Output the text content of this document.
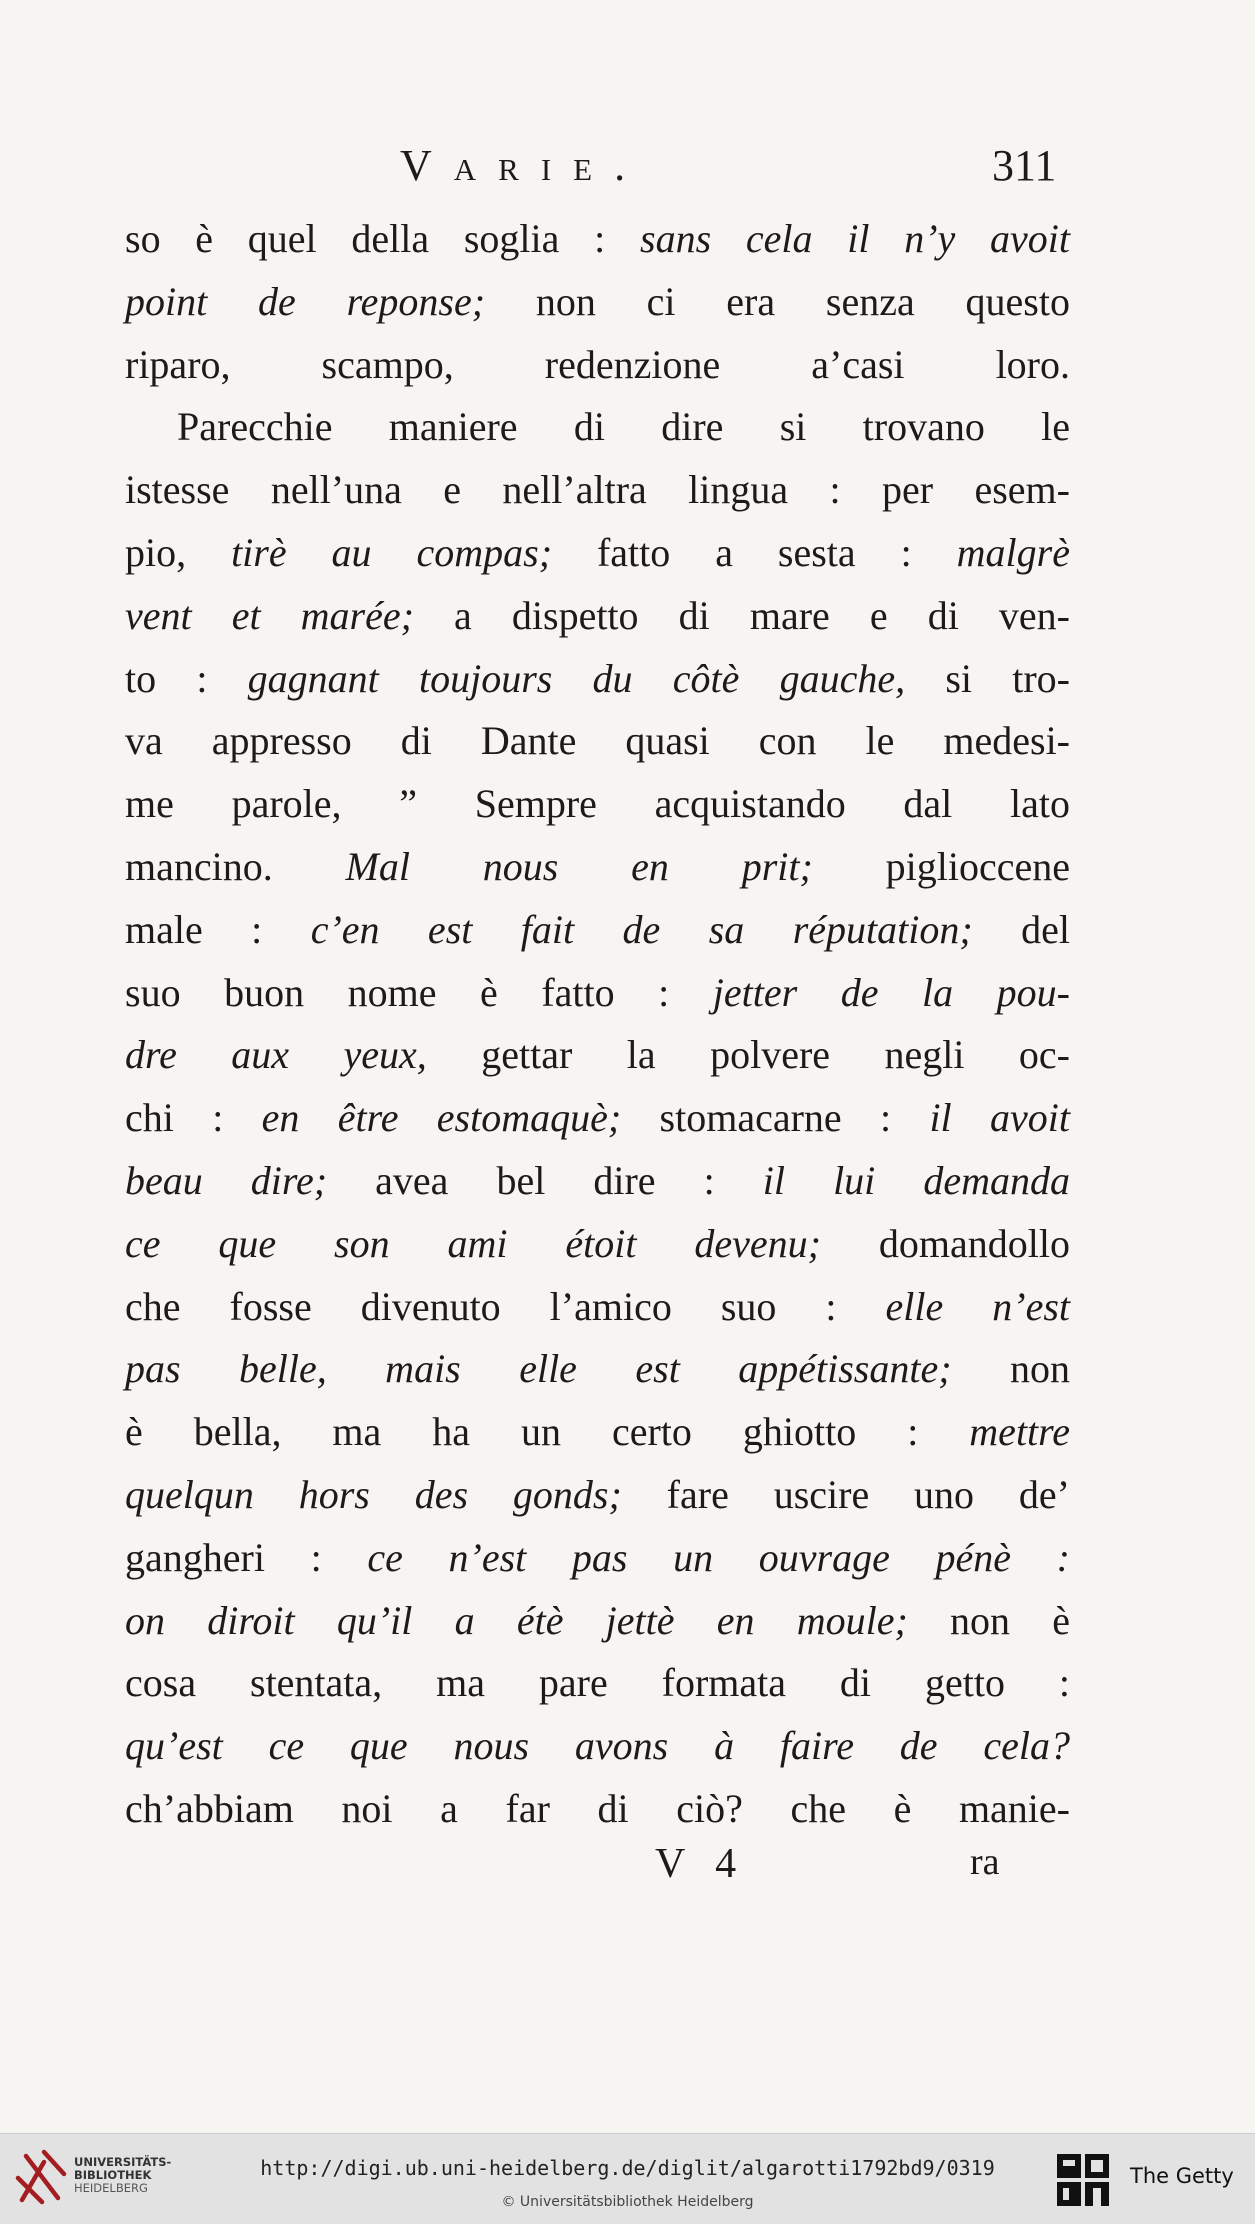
Varie.	311
so è quel della soglia : sans cela il n’y avoit
point de reponse; non ci era senza questo
riparo, scampo, redenzione a’casi loro.
Parecchie maniere di dire si trovano le
istesse nell’una e nell’altra lingua : per esem-
pio, tirè au compas; fatto a sesta : malgrè
vent et marée; a dispetto di mare e di ven-
to : gagnant toujours du côtè gauche, si tro-
va appresso di Dante quasi con le medesi-
me parole, ” Sempre acquistando dal lato
mancino. Mal nous en prit; piglioccene
male : c’en est fait de sa réputation; del
suo buon nome è fatto : jetter de la pou-
dre aux yeux, gettar la polvere negli oc-
chi : en être estomaquè; stomacarne : il avoit
beau dire; avea bel dire : il lui demanda
ce que son ami étoit devenu; domandollo
che fosse divenuto l’amico suo : elle n’est
pas belle, mais elle est appétissante; non
è bella, ma ha un certo ghiotto : mettre
quelqun hors des gonds; fare uscire uno de’
gangheri : ce n’est pas un ouvrage pénè :
on diroit qu’il a étè jettè en moule; non è
cosa stentata, ma pare formata di getto :
qu’est ce que nous avons à faire de cela?
ch’abbiam noi a far di ciò? che è manie-
V 4	ra
UNIVERSITÄTS-
BIBLIOTHEK
HEIDELBERG
http://digi.ub.uni-heidelberg.de/diglit/algarotti1792bd9/0319
© Universitätsbibliothek Heidelberg
The Getty
